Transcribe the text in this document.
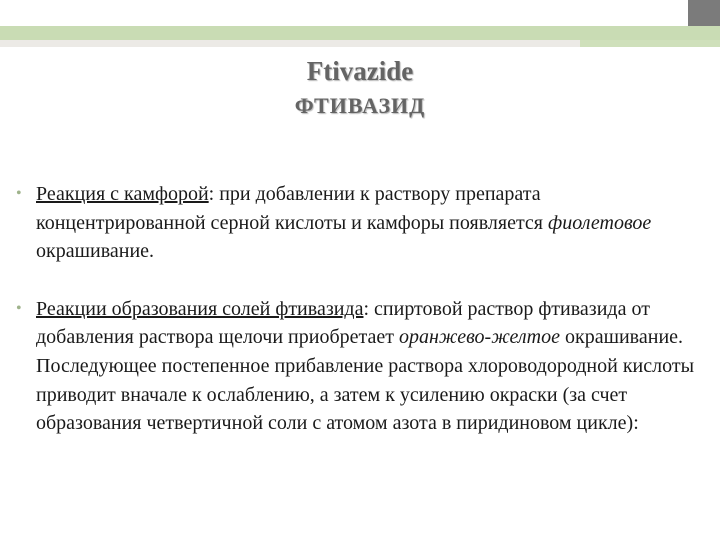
Ftivazide
ФТИВАЗИД
• Реакция с камфорой: при добавлении к раствору препарата концентрированной серной кислоты и камфоры появляется фиолетовое окрашивание.
• Реакции образования солей фтивазида: спиртовой раствор фтивазида от добавления раствора щелочи приобретает оранжево-желтое окрашивание. Последующее постепенное прибавление раствора хлороводородной кислоты приводит вначале к ослаблению, а затем к усилению окраски (за счет образования четвертичной соли с атомом азота в пиридиновом цикле):
